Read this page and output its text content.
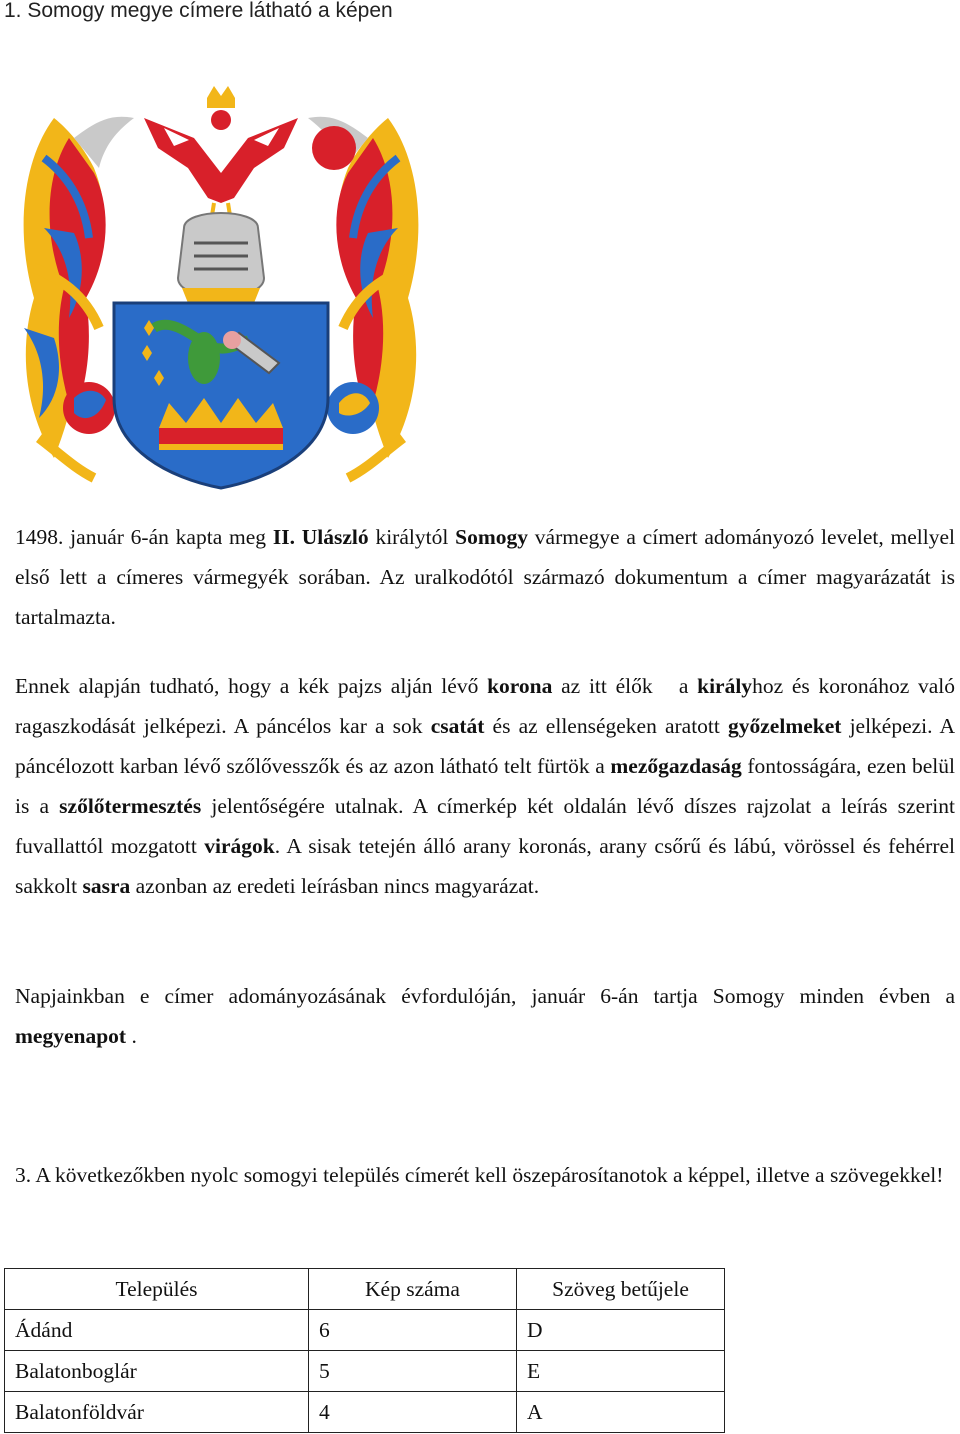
1. Somogy megye címere látható a képen

1498. január 6-án kapta meg II. Ulászló királytól Somogy vármegye a címert adományozó levelet, mellyel első lett a címeres vármegyék sorában. Az uralkodótól származó dokumentum a címer magyarázatát is tartalmazta.

Ennek alapján tudható, hogy a kék pajzs alján lévő korona az itt élők   a királyhoz és koronához való ragaszkodását jelképezi. A páncélos kar a sok csatát és az ellenségeken aratott győzelmeket jelképezi. A páncélozott karban lévő szőlővesszők és az azon látható telt fürtök a mezőgazdaság fontosságára, ezen belül is a szőlőtermesztés jelentőségére utalnak. A címerkép két oldalán lévő díszes rajzolat a leírás szerint fuvallattól mozgatott virágok. A sisak tetején álló arany koronás, arany csőrű és lábú, vörössel és fehérrel sakkolt sasra azonban az eredeti leírásban nincs magyarázat.

Napjainkban e címer adományozásának évfordulóján, január 6-án tartja Somogy minden évben a megyenapot .

3. A következőkben nyolc somogyi település címerét kell öszepárosítanotok a képpel, illetve a szövegekkel!

Település	Kép száma	Szöveg betűjele
Ádánd	6	D
Balatonboglár	5	E
Balatonföldvár	4	A
